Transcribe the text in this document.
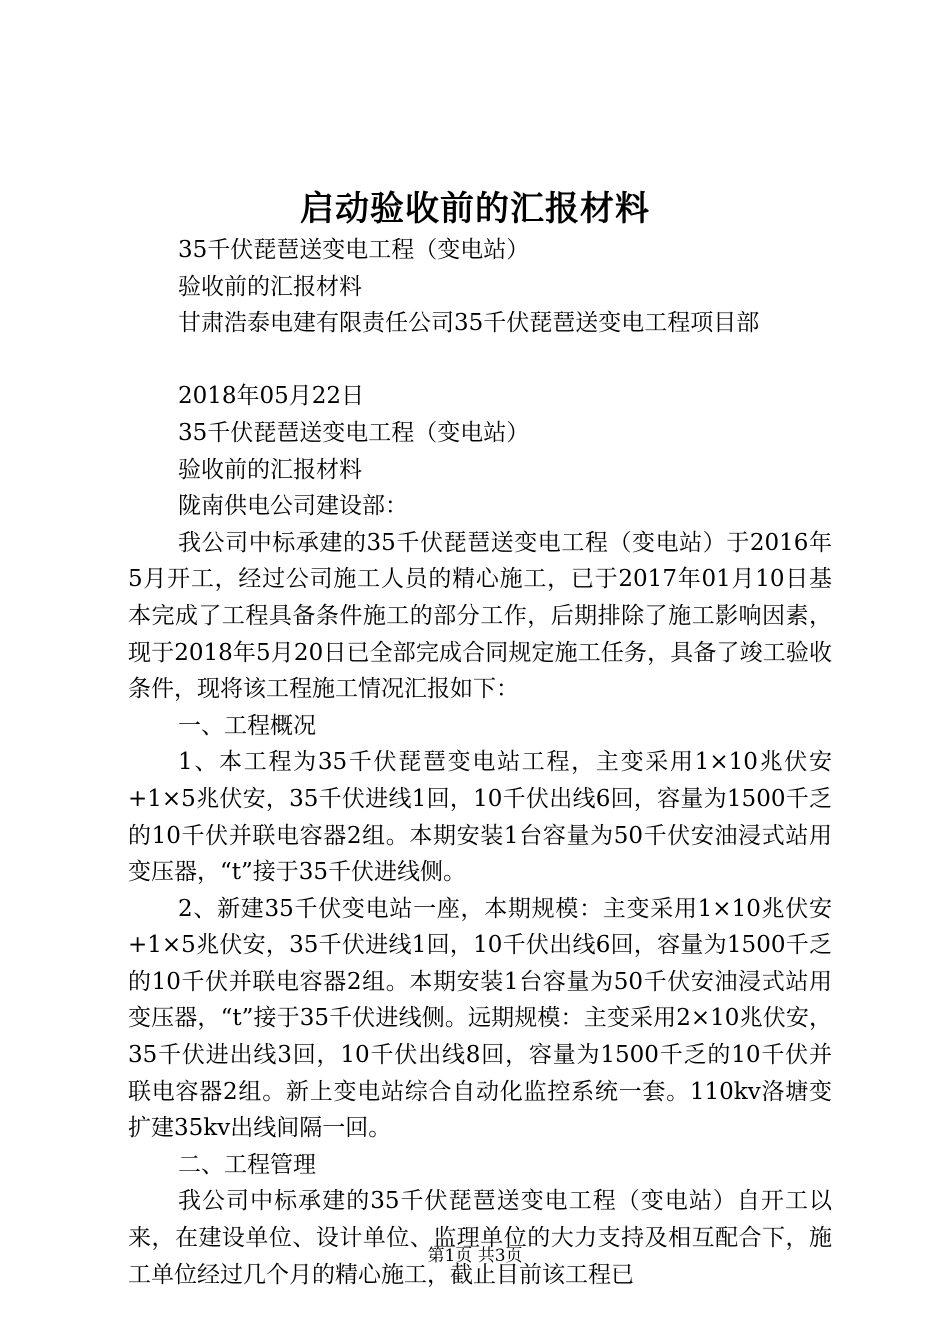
启动验收前的汇报材料
35千伏琵琶送变电工程（变电站）
验收前的汇报材料
甘肃浩泰电建有限责任公司35千伏琵琶送变电工程项目部
2018年05月22日
35千伏琵琶送变电工程（变电站）
验收前的汇报材料
陇南供电公司建设部：

我公司中标承建的35千伏琵琶送变电工程（变电站）于2016年5月开工，经过公司施工人员的精心施工，已于2017年01月10日基本完成了工程具备条件施工的部分工作，后期排除了施工影响因素，现于2018年5月20日已全部完成合同规定施工任务，具备了竣工验收条件，现将该工程施工情况汇报如下：

一、工程概况

1、本工程为35千伏琵琶变电站工程，主变采用1×10兆伏安+1×5兆伏安，35千伏进线1回，10千伏出线6回，容量为1500千乏的10千伏并联电容器2组。本期安装1台容量为50千伏安油浸式站用变压器，“t”接于35千伏进线侧。

2、新建35千伏变电站一座，本期规模：主变采用1×10兆伏安+1×5兆伏安，35千伏进线1回，10千伏出线6回，容量为1500千乏的10千伏并联电容器2组。本期安装1台容量为50千伏安油浸式站用变压器，“t”接于35千伏进线侧。远期规模：主变采用2×10兆伏安，35千伏进出线3回，10千伏出线8回，容量为1500千乏的10千伏并联电容器2组。新上变电站综合自动化监控系统一套。110kv洛塘变扩建35kv出线间隔一回。

二、工程管理

我公司中标承建的35千伏琵琶送变电工程（变电站）自开工以来，在建设单位、设计单位、监理单位的大力支持及相互配合下，施工单位经过几个月的精心施工，截止目前该工程已

第1页 共3页
